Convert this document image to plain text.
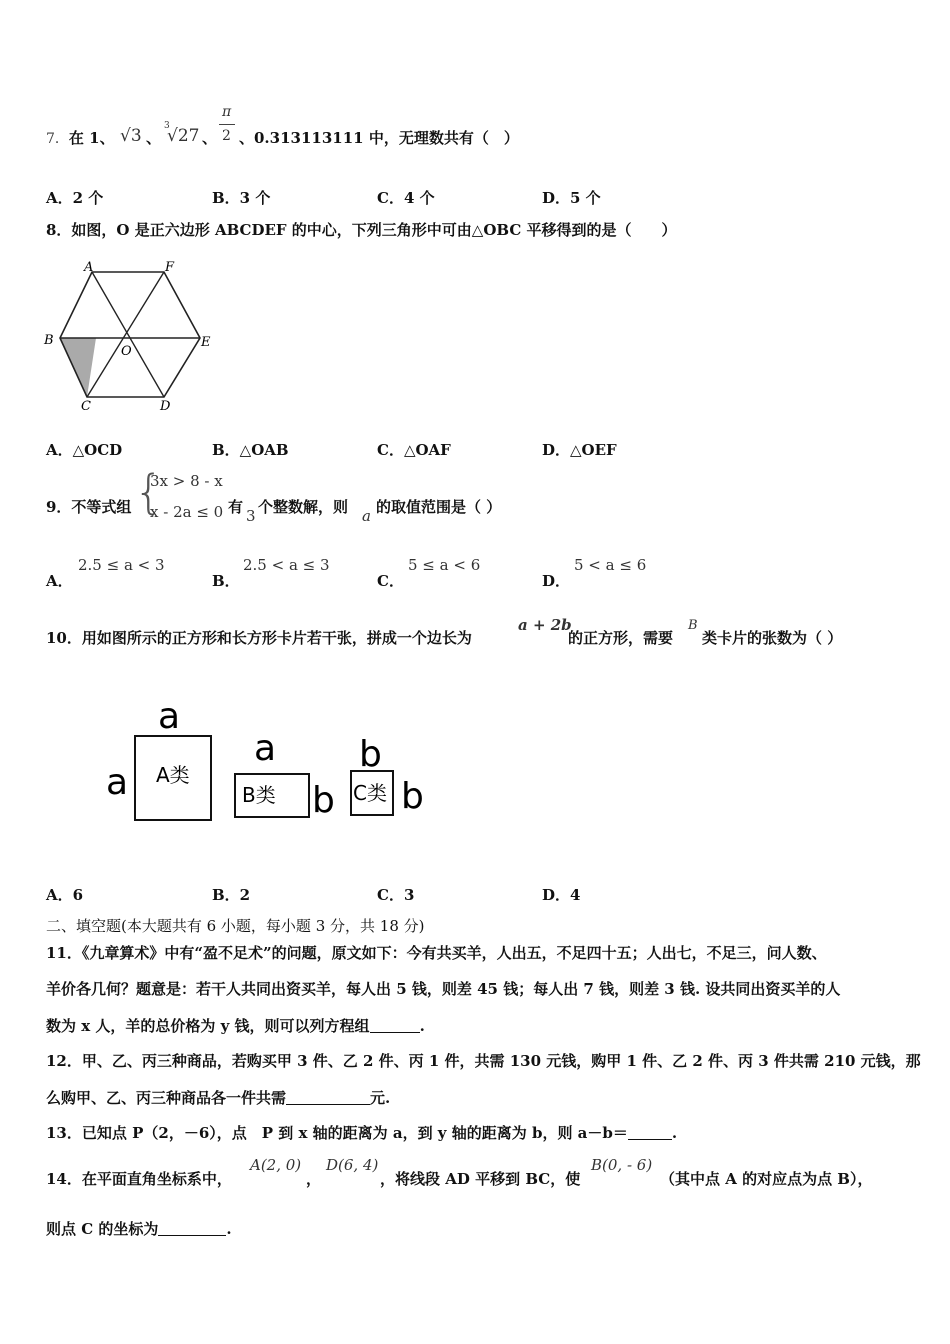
7．在 1、 √3 、
3
√27 、
π
2 、0.313113111 中，无理数共有（　）
A．2 个	B．3 个	C．4 个	D．5 个
8．如图，O 是正六边形 ABCDEF 的中心，下列三角形中可由△OBC 平移得到的是（　　）
A	F
B
O
E
C	D
A．△OCD	B．△OAB	C．△OAF	D．△OEF
9．不等式组 {
3x > 8 - x
x - 2a ≤ 0 有 3 个整数解，则 a 的取值范围是（ ）
A．
2.5 ≤ a < 3
B．
2.5 < a ≤ 3
C．
5 ≤ a < 6
D．
5 < a ≤ 6
10．用如图所示的正方形和长方形卡片若干张，拼成一个边长为
a + 2b
的正方形，需要
B
类卡片的张数为（ ）
a
a A类
a
B类 b
b
C类 b
A．6	B．2	C．3	D．4
二、填空题(本大题共有 6 小题，每小题 3 分，共 18 分)
11．《九章算术》中有“盈不足术”的问题，原文如下：今有共买羊，人出五，不足四十五；人出七，不足三，问人数、
羊价各几何？题意是：若干人共同出资买羊，每人出 5 钱，则差 45 钱；每人出 7 钱，则差 3 钱. 设共同出资买羊的人
数为 x 人，羊的总价格为 y 钱，则可以列方程组	.
12．甲、乙、丙三种商品，若购买甲 3 件、乙 2 件、丙 1 件，共需 130 元钱，购甲 1 件、乙 2 件、丙 3 件共需 210 元钱，那
么购甲、乙、丙三种商品各一件共需	元.
13．已知点 P（2，－6），点　P 到 x 轴的距离为 a，到 y 轴的距离为 b，则 a－b＝	.
14．在平面直角坐标系中，
A(2, 0)
，
D(6, 4)
，将线段 AD 平移到 BC，使
B(0, - 6)
（其中点 A 的对应点为点 B），
则点 C 的坐标为	.
